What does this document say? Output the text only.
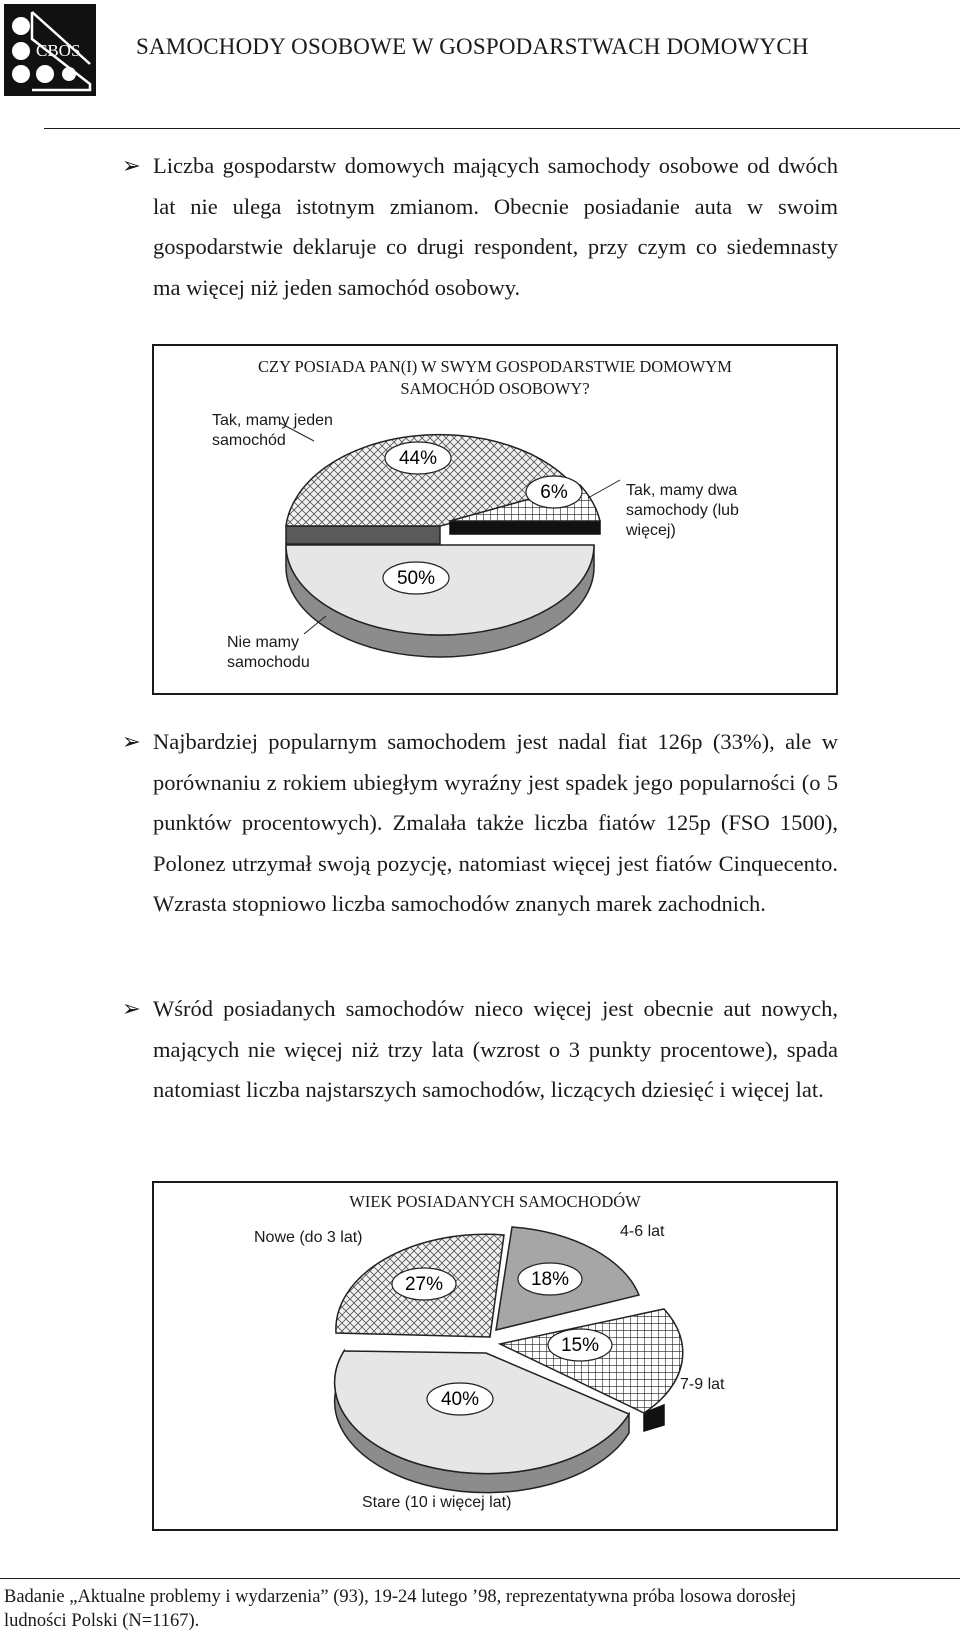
CBOS SAMOCHODY OSOBOWE W GOSPODARSTWACH DOMOWYCH
➢ Liczba gospodarstw domowych mających samochody osobowe od dwóch lat nie ulega istotnym zmianom. Obecnie posiadanie auta w swoim gospodarstwie deklaruje co drugi respondent, przy czym co siedemnasty ma więcej niż jeden samochód osobowy.
CZY POSIADA PAN(I) W SWYM GOSPODARSTWIE DOMOWYM
SAMOCHÓD OSOBOWY?
44%
6%
50%
Tak, mamy jeden
samochód
Tak, mamy dwa
samochody (lub
więcej)
Nie mamy
samochodu
➢ Najbardziej popularnym samochodem jest nadal fiat 126p (33%), ale w porównaniu z rokiem ubiegłym wyraźny jest spadek jego popularności (o 5 punktów procentowych). Zmalała także liczba fiatów 125p (FSO 1500), Polonez utrzymał swoją pozycję, natomiast więcej jest fiatów Cinquecento. Wzrasta stopniowo liczba samochodów znanych marek zachodnich.
➢ Wśród posiadanych samochodów nieco więcej jest obecnie aut nowych, mających nie więcej niż trzy lata (wzrost o 3 punkty procentowe), spada natomiast liczba najstarszych samochodów, liczących dziesięć i więcej lat.
WIEK POSIADANYCH SAMOCHODÓW
27%	18%
15%
40%
Nowe (do 3 lat)	4-6 lat
7-9 lat
Stare (10 i więcej lat)
Badanie „Aktualne problemy i wydarzenia” (93), 19-24 lutego ’98, reprezentatywna próba losowa dorosłej
ludności Polski (N=1167).
